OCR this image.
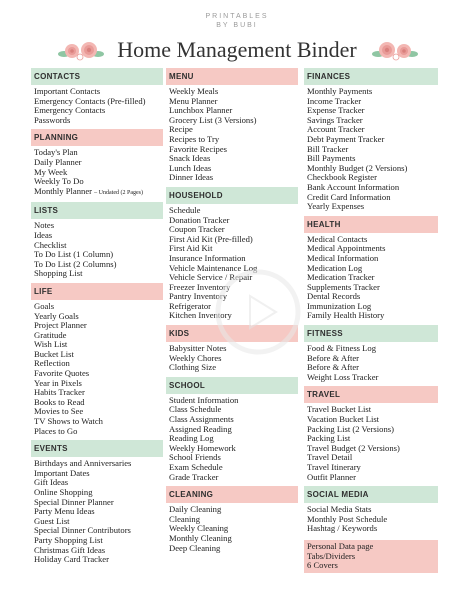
PRINTABLES
BY BUBI
Home Management Binder
CONTACTS
Important Contacts
Emergency Contacts (Pre-filled)
Emergency Contacts
Passwords
PLANNING
Today's Plan
Daily Planner
My Week
Weekly To Do
Monthly Planner – Undated (2 Pages)
LISTS
Notes
Ideas
Checklist
To Do List (1 Column)
To Do List (2 Columns)
Shopping List
LIFE
Goals
Yearly Goals
Project Planner
Gratitude
Wish List
Bucket List
Reflection
Favorite Quotes
Year in Pixels
Habits Tracker
Books to Read
Movies to See
TV Shows to Watch
Places to Go
EVENTS
Birthdays and Anniversaries
Important Dates
Gift Ideas
Online Shopping
Special Dinner Planner
Party Menu Ideas
Guest List
Special Dinner Contributors
Party Shopping List
Christmas Gift Ideas
Holiday Card Tracker
MENU
Weekly Meals
Menu Planner
Lunchbox Planner
Grocery List (3 Versions)
Recipe
Recipes to Try
Favorite Recipes
Snack Ideas
Lunch Ideas
Dinner Ideas
HOUSEHOLD
Schedule
Donation Tracker
Coupon Tracker
First Aid Kit (Pre-filled)
First Aid Kit
Insurance Information
Vehicle Maintenance Log
Vehicle Service / Repair
Freezer Inventory
Pantry Inventory
Refrigerator
Kitchen Inventory
KIDS
Babysitter Notes
Weekly Chores
Clothing Size
SCHOOL
Student Information
Class Schedule
Class Assignments
Assigned Reading
Reading Log
Weekly Homework
School Friends
Exam Schedule
Grade Tracker
CLEANING
Daily Cleaning
Cleaning
Weekly Cleaning
Monthly Cleaning
Deep Cleaning
FINANCES
Monthly Payments
Income Tracker
Expense Tracker
Savings Tracker
Account Tracker
Debt Payment Tracker
Bill Tracker
Bill Payments
Monthly Budget (2 Versions)
Checkbook Register
Bank Account Information
Credit Card Information
Yearly Expenses
HEALTH
Medical Contacts
Medical Appointments
Medical Information
Medication Log
Medication Tracker
Supplements Tracker
Dental Records
Immunization Log
Family Health History
FITNESS
Food & Fitness Log
Before & After
Before & After
Weight Loss Tracker
TRAVEL
Travel Bucket List
Vacation Bucket List
Packing List (2 Versions)
Packing List
Travel Budget (2 Versions)
Travel Detail
Travel Itinerary
Outfit Planner
SOCIAL MEDIA
Social Media Stats
Monthly Post Schedule
Hashtag / Keywords
Personal Data page
Tabs/Dividers
6 Covers
